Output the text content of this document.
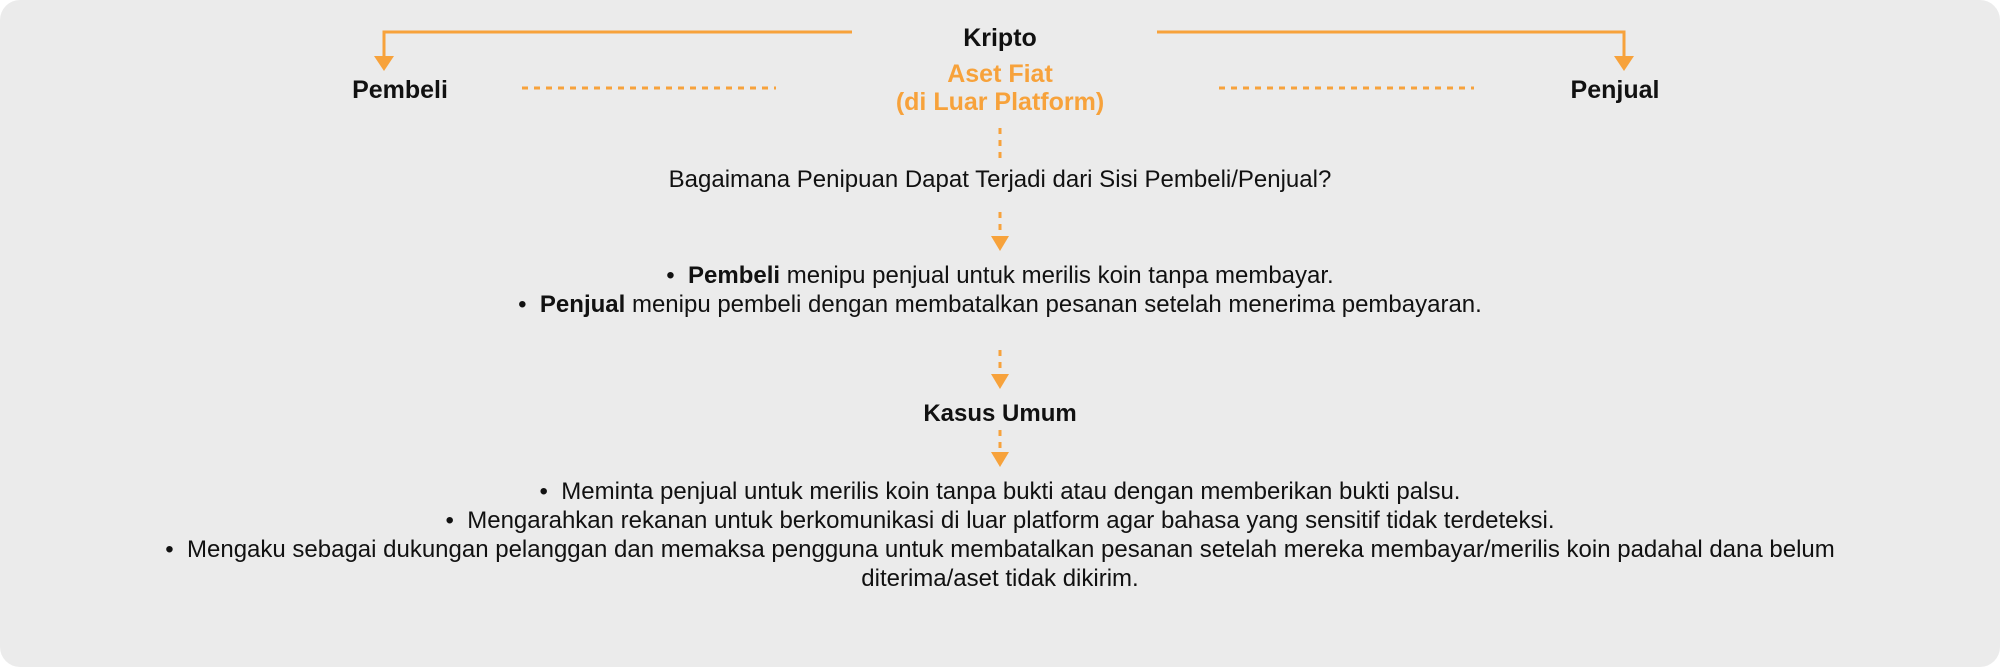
Kripto
Aset Fiat
(di Luar Platform)
Pembeli	Penjual
Bagaimana Penipuan Dapat Terjadi dari Sisi Pembeli/Penjual?
•  Pembeli menipu penjual untuk merilis koin tanpa membayar.
•  Penjual menipu pembeli dengan membatalkan pesanan setelah menerima pembayaran.
Kasus Umum
•  Meminta penjual untuk merilis koin tanpa bukti atau dengan memberikan bukti palsu.
•  Mengarahkan rekanan untuk berkomunikasi di luar platform agar bahasa yang sensitif tidak terdeteksi.
•  Mengaku sebagai dukungan pelanggan dan memaksa pengguna untuk membatalkan pesanan setelah mereka membayar/merilis koin padahal dana belum
diterima/aset tidak dikirim.
